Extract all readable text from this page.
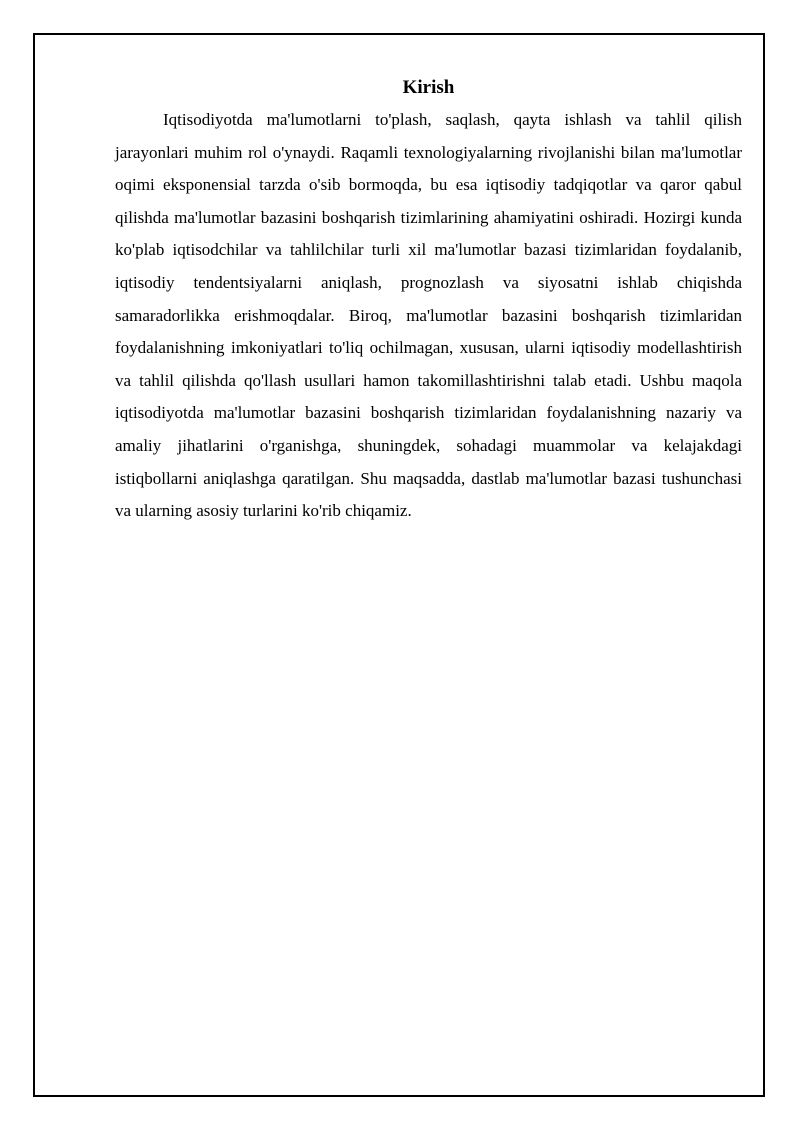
Kirish

Iqtisodiyotda ma'lumotlarni to'plash, saqlash, qayta ishlash va tahlil qilish jarayonlari muhim rol o'ynaydi. Raqamli texnologiyalarning rivojlanishi bilan ma'lumotlar oqimi eksponensial tarzda o'sib bormoqda, bu esa iqtisodiy tadqiqotlar va qaror qabul qilishda ma'lumotlar bazasini boshqarish tizimlarining ahamiyatini oshiradi. Hozirgi kunda ko'plab iqtisodchilar va tahlilchilar turli xil ma'lumotlar bazasi tizimlaridan foydalanib, iqtisodiy tendentsiyalarni aniqlash, prognozlash va siyosatni ishlab chiqishda samaradorlikka erishmoqdalar. Biroq, ma'lumotlar bazasini boshqarish tizimlaridan foydalanishning imkoniyatlari to'liq ochilmagan, xususan, ularni iqtisodiy modellashtirish va tahlil qilishda qo'llash usullari hamon takomillashtirishni talab etadi. Ushbu maqola iqtisodiyotda ma'lumotlar bazasini boshqarish tizimlaridan foydalanishning nazariy va amaliy jihatlarini o'rganishga, shuningdek, sohadagi muammolar va kelajakdagi istiqbollarni aniqlashga qaratilgan. Shu maqsadda, dastlab ma'lumotlar bazasi tushunchasi va ularning asosiy turlarini ko'rib chiqamiz.
